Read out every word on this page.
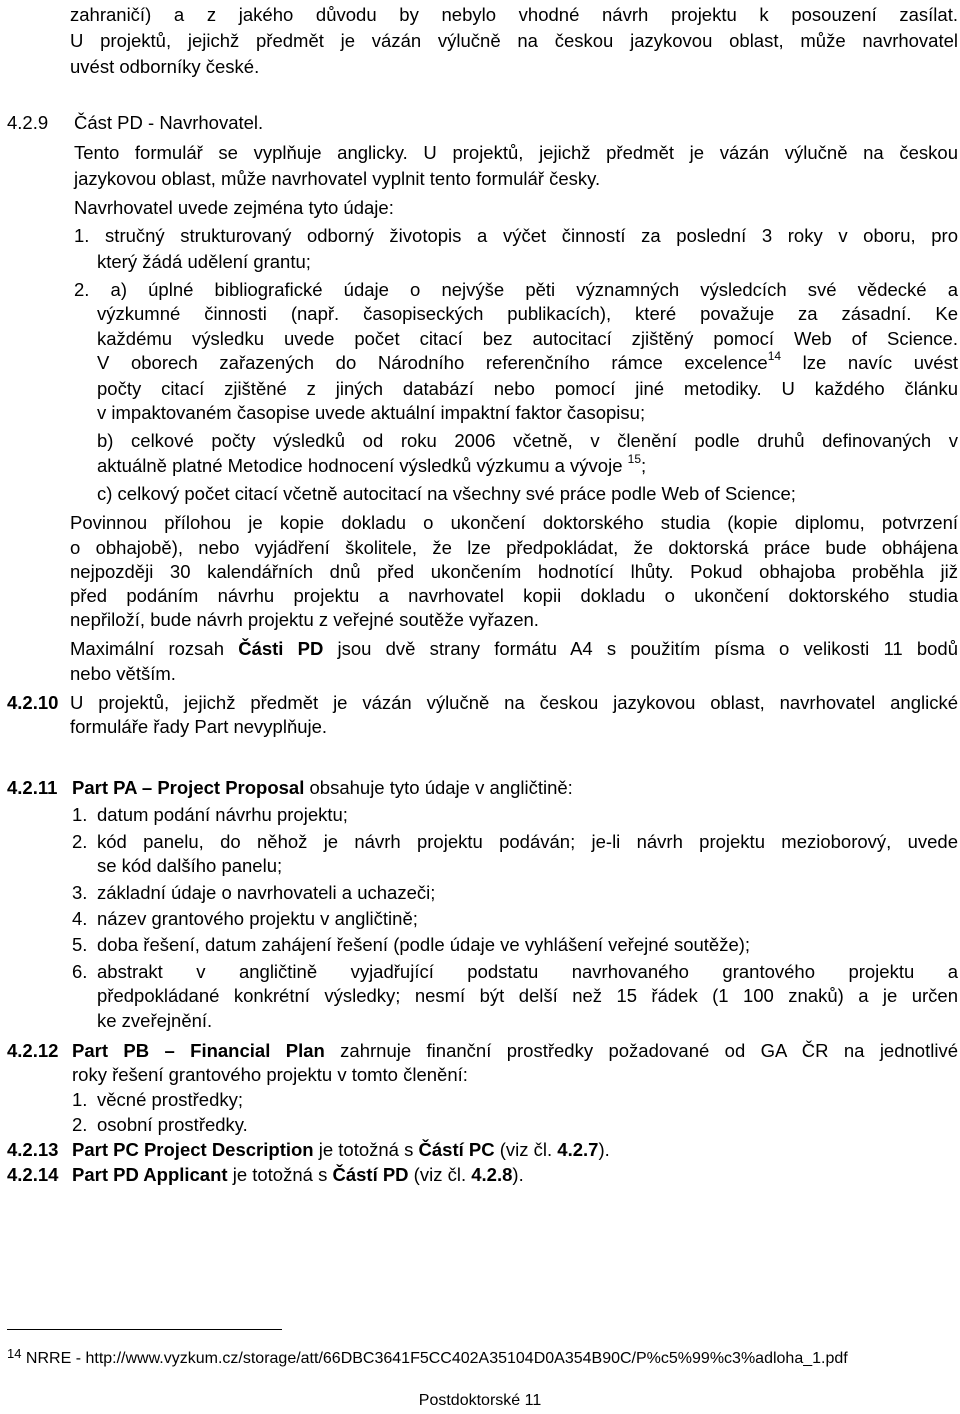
zahraničí) a z jakého důvodu by nebylo vhodné návrh projektu k posouzení zasílat.
U projektů, jejichž předmět je vázán výlučně na českou jazykovou oblast, může navrhovatel
uvést odborníky české.
4.2.9 Část PD - Navrhovatel.
Tento formulář se vyplňuje anglicky. U projektů, jejichž předmět je vázán výlučně na českou
jazykovou oblast, může navrhovatel vyplnit tento formulář česky.
Navrhovatel uvede zejména tyto údaje:
1. stručný strukturovaný odborný životopis a výčet činností za poslední 3 roky v oboru, pro
který žádá udělení grantu;
2. a) úplné bibliografické údaje o nejvýše pěti významných výsledcích své vědecké a
výzkumné činnosti (např. časopiseckých publikacích), které považuje za zásadní. Ke
každému výsledku uvede počet citací bez autocitací zjištěný pomocí Web of Science.
V oborech zařazených do Národního referenčního rámce excelence$^{14}$ lze navíc uvést
počty citací zjištěné z jiných databází nebo pomocí jiné metodiky. U každého článku
v impaktovaném časopise uvede aktuální impaktní faktor časopisu;
b) celkové počty výsledků od roku 2006 včetně, v členění podle druhů definovaných v
aktuálně platné Metodice hodnocení výsledků výzkumu a vývoje $^{15}$;
c) celkový počet citací včetně autocitací na všechny své práce podle Web of Science;
Povinnou přílohou je kopie dokladu o ukončení doktorského studia (kopie diplomu, potvrzení
o obhajobě), nebo vyjádření školitele, že lze předpokládat, že doktorská práce bude obhájena
nejpozději 30 kalendářních dnů před ukončením hodnotící lhůty. Pokud obhajoba proběhla již
před podáním návrhu projektu a navrhovatel kopii dokladu o ukončení doktorského studia
nepřiloží, bude návrh projektu z veřejné soutěže vyřazen.
Maximální rozsah Části PD jsou dvě strany formátu A4 s použitím písma o velikosti 11 bodů
nebo větším.
4.2.10 U projektů, jejichž předmět je vázán výlučně na českou jazykovou oblast, navrhovatel anglické
formuláře řady Part nevyplňuje.
4.2.11 Part PA – Project Proposal obsahuje tyto údaje v angličtině:
1. datum podání návrhu projektu;
2. kód panelu, do něhož je návrh projektu podáván; je-li návrh projektu mezioborový, uvede
se kód dalšího panelu;
3. základní údaje o navrhovateli a uchazeči;
4. název grantového projektu v angličtině;
5. doba řešení, datum zahájení řešení (podle údaje ve vyhlášení veřejné soutěže);
6. abstrakt v angličtině vyjadřující podstatu navrhovaného grantového projektu a
předpokládané konkrétní výsledky; nesmí být delší než 15 řádek (1 100 znaků) a je určen
ke zveřejnění.
4.2.12 Part PB – Financial Plan zahrnuje finanční prostředky požadované od GA ČR na jednotlivé
roky řešení grantového projektu v tomto členění:
1. věcné prostředky;
2. osobní prostředky.
4.2.13 Part PC Project Description je totožná s Částí PC (viz čl. 4.2.7).
4.2.14 Part PD Applicant je totožná s Částí PD (viz čl. 4.2.8).
$^{14}$ NRRE - http://www.vyzkum.cz/storage/att/66DBC3641F5CC402A35104D0A354B90C/P%c5%99%c3%adloha_1.pdf
Postdoktorské 11
